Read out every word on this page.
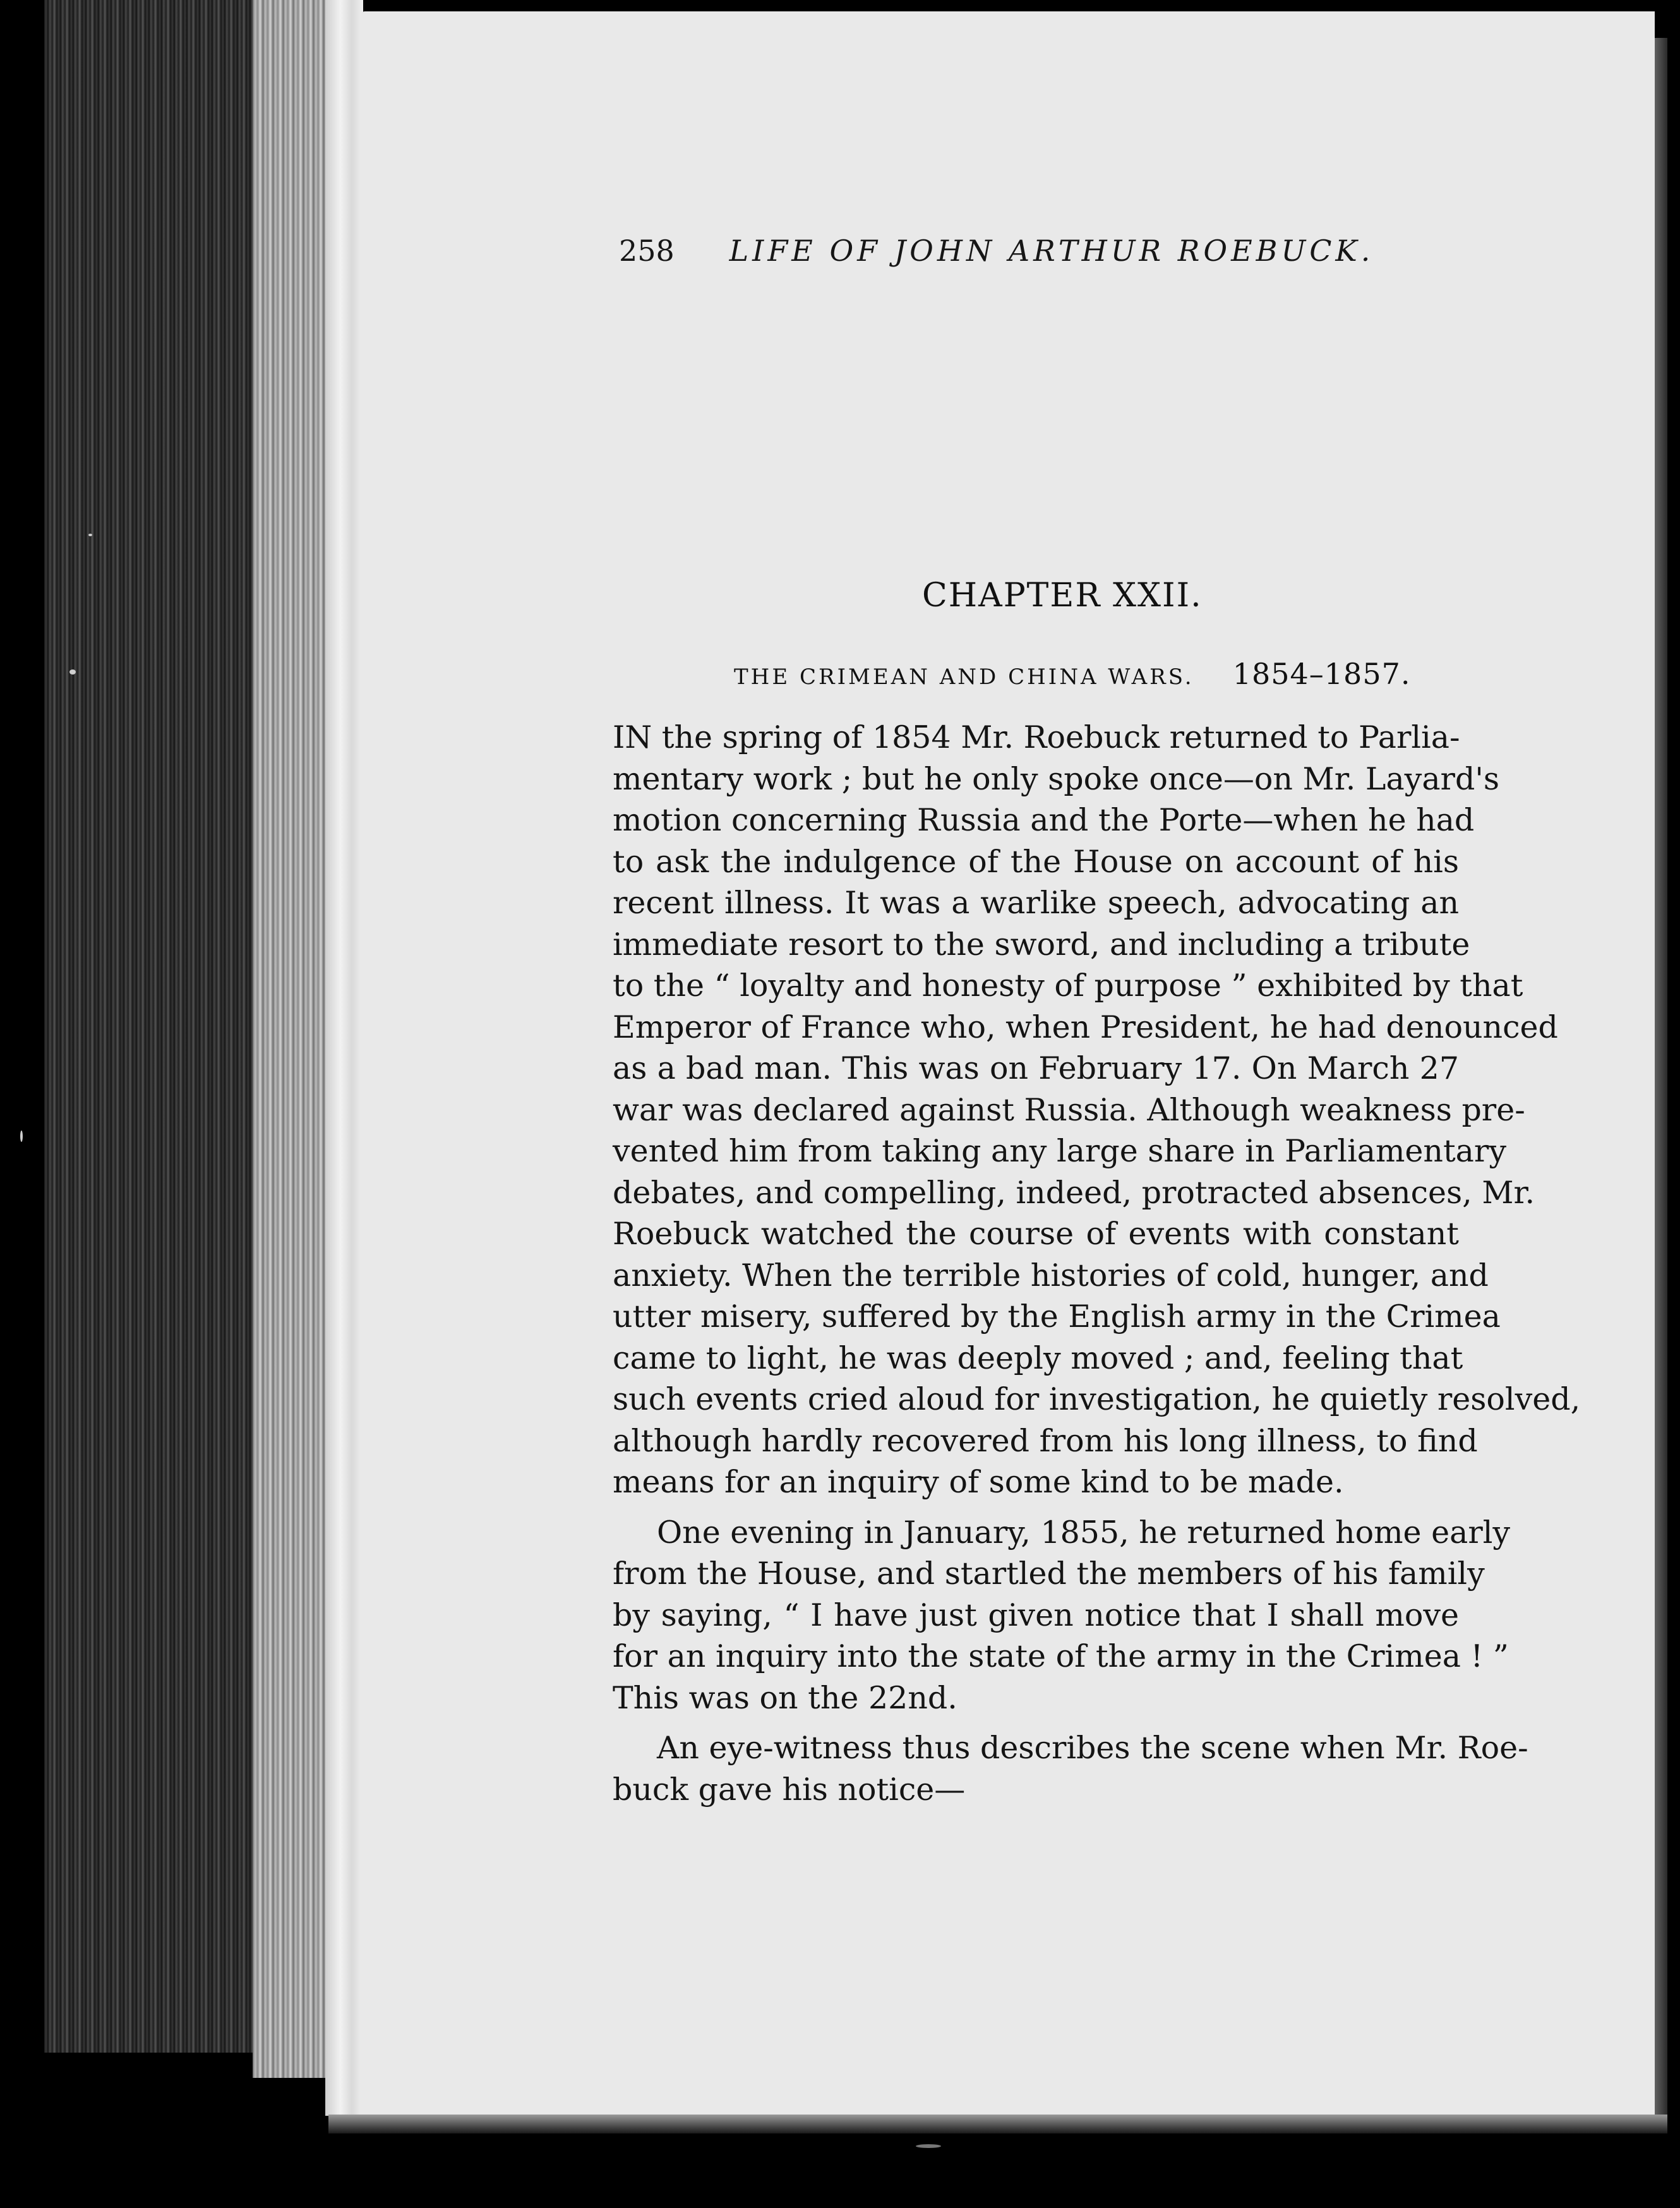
258 LIFE OF JOHN ARTHUR ROEBUCK.
CHAPTER XXII.
THE CRIMEAN AND CHINA WARS. 1854–1857.
IN the spring of 1854 Mr. Roebuck returned to Parlia-
mentary work ; but he only spoke once—on Mr. Layard's
motion concerning Russia and the Porte—when he had
to ask the indulgence of the House on account of his
recent illness. It was a warlike speech, advocating an
immediate resort to the sword, and including a tribute
to the “ loyalty and honesty of purpose ” exhibited by that
Emperor of France who, when President, he had denounced
as a bad man. This was on February 17. On March 27
war was declared against Russia. Although weakness pre-
vented him from taking any large share in Parliamentary
debates, and compelling, indeed, protracted absences, Mr.
Roebuck watched the course of events with constant
anxiety. When the terrible histories of cold, hunger, and
utter misery, suffered by the English army in the Crimea
came to light, he was deeply moved ; and, feeling that
such events cried aloud for investigation, he quietly resolved,
although hardly recovered from his long illness, to find
means for an inquiry of some kind to be made.
One evening in January, 1855, he returned home early
from the House, and startled the members of his family
by saying, “ I have just given notice that I shall move
for an inquiry into the state of the army in the Crimea ! ”
This was on the 22nd.
An eye-witness thus describes the scene when Mr. Roe-
buck gave his notice—
